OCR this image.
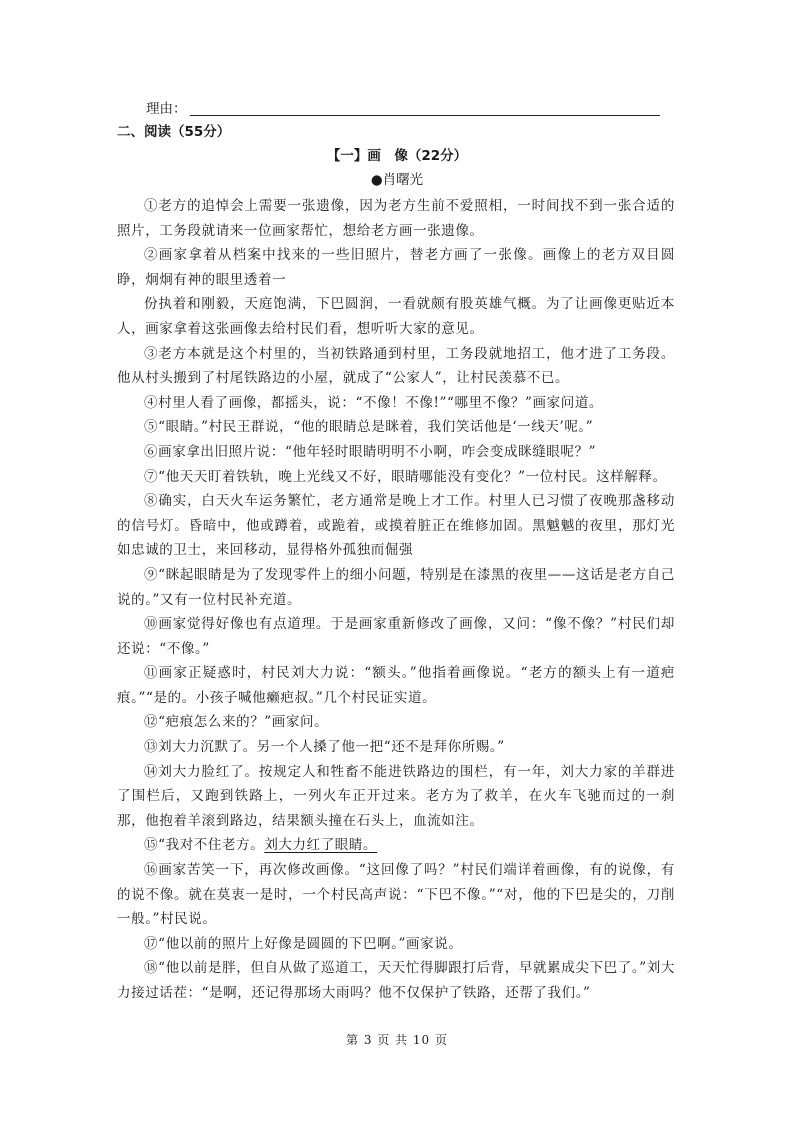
理由：
二、阅读（55分）
【一】画　像（22分）
●肖曙光

①老方的追悼会上需要一张遗像，因为老方生前不爱照相，一时间找不到一张合适的照片，工务段就请来一位画家帮忙，想给老方画一张遗像。

②画家拿着从档案中找来的一些旧照片，替老方画了一张像。画像上的老方双目圆睁，炯炯有神的眼里透着一

份执着和刚毅，天庭饱满，下巴圆润，一看就颇有股英雄气概。为了让画像更贴近本人，画家拿着这张画像去给村民们看，想听听大家的意见。

③老方本就是这个村里的，当初铁路通到村里，工务段就地招工，他才进了工务段。他从村头搬到了村尾铁路边的小屋，就成了“公家人”，让村民羡慕不已。

④村里人看了画像，都摇头，说：“不像！不像!”“哪里不像？”画家问道。

⑤“眼睛。”村民王群说，“他的眼睛总是眯着，我们笑话他是‘一线天’呢。”

⑥画家拿出旧照片说：“他年轻时眼睛明明不小啊，咋会变成眯缝眼呢？”

⑦“他天天盯着铁轨，晚上光线又不好，眼睛哪能没有变化？”一位村民。这样解释。

⑧确实，白天火车运务繁忙，老方通常是晚上才工作。村里人已习惯了夜晚那盏移动的信号灯。昏暗中，他或蹲着，或跪着，或摸着脏正在维修加固。黑魆魆的夜里，那灯光如忠诚的卫士，来回移动，显得格外孤独而倔强

⑨“眯起眼睛是为了发现零件上的细小问题，特别是在漆黑的夜里——这话是老方自己说的。”又有一位村民补充道。

⑩画家觉得好像也有点道理。于是画家重新修改了画像，又问：“像不像？”村民们却还说：“不像。”

⑪画家正疑惑时，村民刘大力说：“额头。”他指着画像说。“老方的额头上有一道疤痕。”“是的。小孩子喊他癞疤叔。”几个村民证实道。

⑫“疤痕怎么来的？”画家问。

⑬刘大力沉默了。另一个人搡了他一把“还不是拜你所赐。”

⑭刘大力脸红了。按规定人和牲畜不能进铁路边的围栏，有一年，刘大力家的羊群进了围栏后，又跑到铁路上，一列火车正开过来。老方为了救羊，在火车飞驰而过的一刹那，他抱着羊滚到路边，结果额头撞在石头上，血流如注。

⑮“我对不住老方。刘大力红了眼睛。

⑯画家苦笑一下，再次修改画像。“这回像了吗？”村民们端详着画像，有的说像，有的说不像。就在莫衷一是时，一个村民高声说：“下巴不像。”“对，他的下巴是尖的，刀削一般。”村民说。

⑰“他以前的照片上好像是圆圆的下巴啊。”画家说。

⑱“他以前是胖，但自从做了巡道工，天天忙得脚跟打后背，早就累成尖下巴了。”刘大力接过话茬：“是啊，还记得那场大雨吗？他不仅保护了铁路，还帮了我们。”

第 3 页 共 10 页
